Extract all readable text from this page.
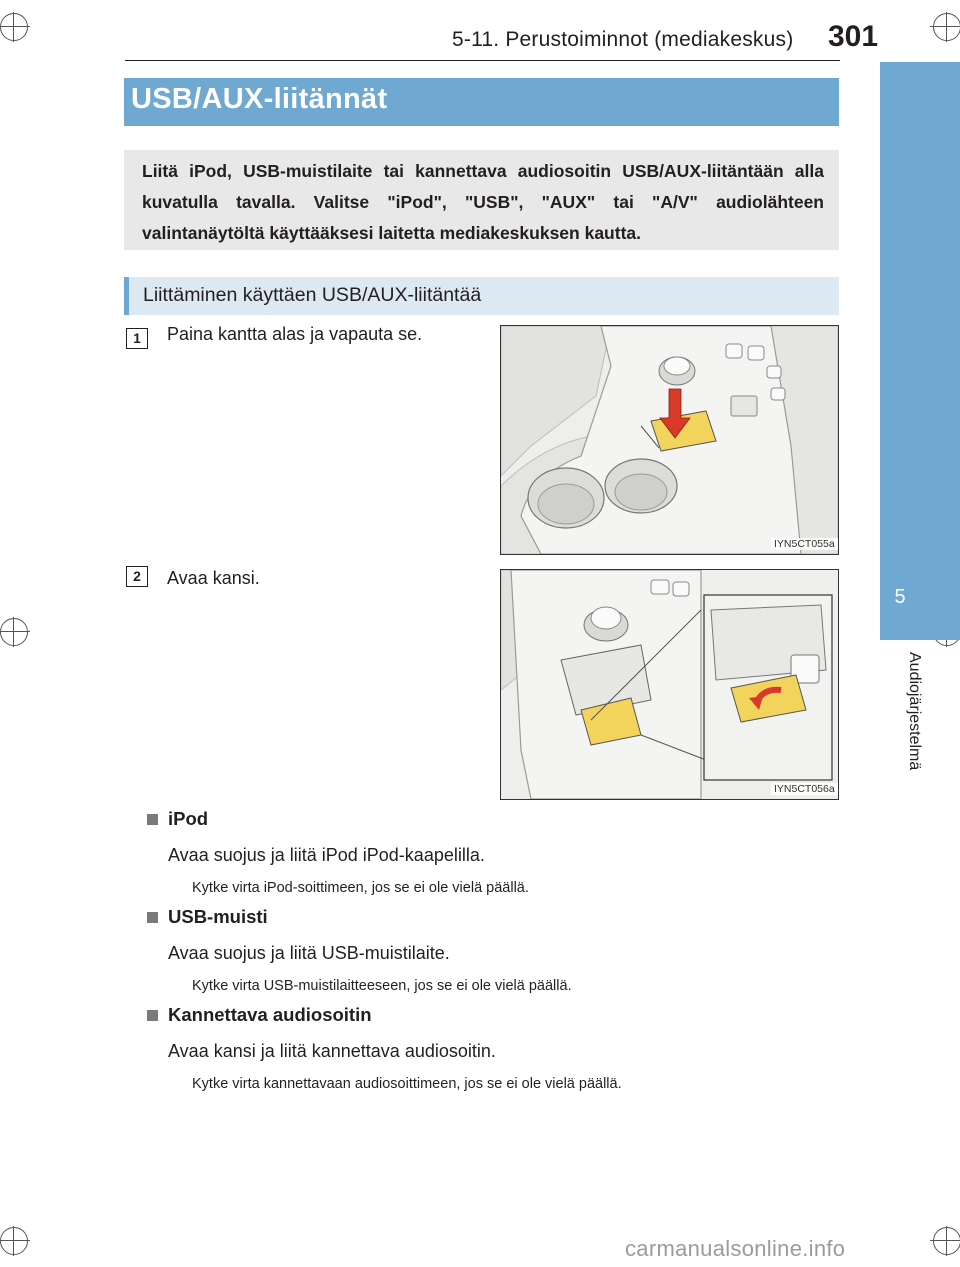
5-11. Perustoiminnot (mediakeskus) 301
5
Audiojärjestelmä
USB/AUX-liitännät
Liitä iPod, USB-muistilaite tai kannettava audiosoitin USB/AUX-liitäntään alla kuvatulla tavalla. Valitse "iPod", "USB", "AUX" tai "A/V" audiolähteen valintanäytöltä käyttääksesi laitetta mediakeskuksen kautta.
Liittäminen käyttäen USB/AUX-liitäntää
1	Paina kantta alas ja vapauta se.
IYN5CT055a
2	Avaa kansi.
IYN5CT056a
iPod
Avaa suojus ja liitä iPod iPod-kaapelilla.
Kytke virta iPod-soittimeen, jos se ei ole vielä päällä.
USB-muisti
Avaa suojus ja liitä USB-muistilaite.
Kytke virta USB-muistilaitteeseen, jos se ei ole vielä päällä.
Kannettava audiosoitin
Avaa kansi ja liitä kannettava audiosoitin.
Kytke virta kannettavaan audiosoittimeen, jos se ei ole vielä päällä.
carmanualsonline.info
